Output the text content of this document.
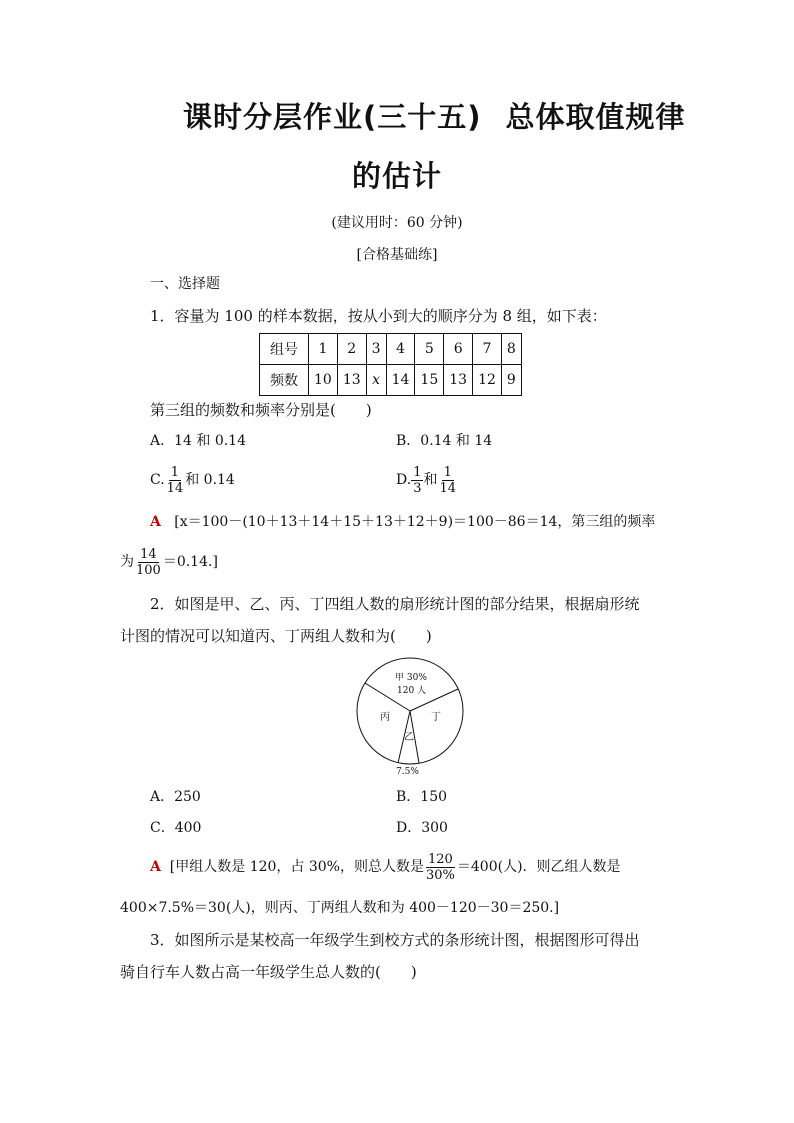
课时分层作业(三十五) 总体取值规律
的估计
(建议用时：60 分钟)
[合格基础练]
一、选择题
1．容量为 100 的样本数据，按从小到大的顺序分为 8 组，如下表：
组号	1	2	3	4	5	6	7	8
频数	10	13	x	14	15	13	12	9
第三组的频数和频率分别是(　　)
A．14 和 0.14	B．0.14 和 14
C. $\frac{1}{14}$ 和 0.14	D. $\frac{1}{3}$ 和 $\frac{1}{14}$
A [x＝100－(10＋13＋14＋15＋13＋12＋9)＝100－86＝14，第三组的频率
为 $\frac{14}{100} =0.14$.]
2．如图是甲、乙、丙、丁四组人数的扇形统计图的部分结果，根据扇形统
计图的情况可以知道丙、丁两组人数和为(　　)
甲 30%
120 人
丙	丁
乙
7.5%
A．250	B．150
C．400	D．300
A [甲组人数是 120，占 30%，则总人数是 $\frac{120}{30\%} =400$(人)．则乙组人数是
400×7.5%＝30(人)，则丙、丁两组人数和为 400－120－30＝250.]
3．如图所示是某校高一年级学生到校方式的条形统计图，根据图形可得出
骑自行车人数占高一年级学生总人数的(　　)
